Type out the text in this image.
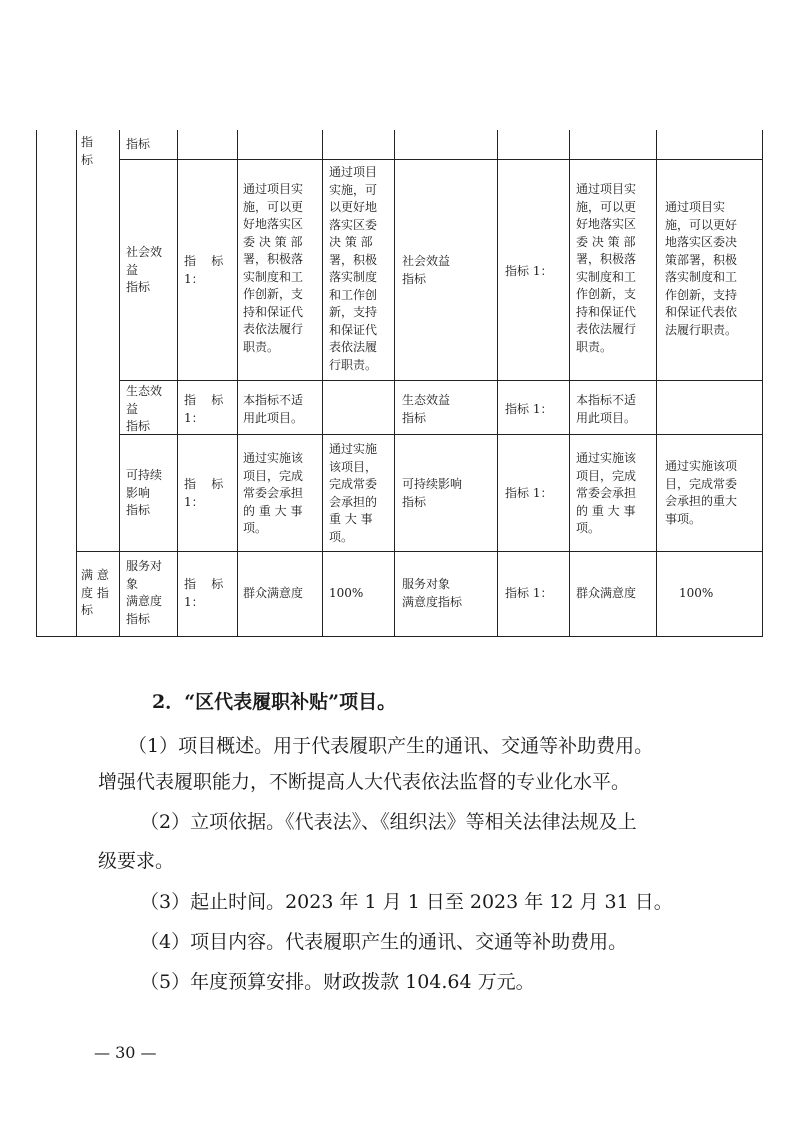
指
标
指标
社会效
益
指标
指    标
1：
通过项目实
施，可以更
好地落实区
委 决 策 部
署，积极落
实制度和工
作创新，支
持和保证代
表依法履行
职责。
通过项目
实施，可
以更好地
落实区委
决 策 部
署，积极
落实制度
和工作创
新，支持
和保证代
表依法履
行职责。
社会效益
指标
指标 1：
通过项目实
施，可以更
好地落实区
委 决 策 部
署，积极落
实制度和工
作创新，支
持和保证代
表依法履行
职责。
通过项目实
施，可以更好
地落实区委决
策部署，积极
落实制度和工
作创新，支持
和保证代表依
法履行职责。
生态效
益
指标
指    标
1：
本指标不适
用此项目。
生态效益
指标
指标 1：
本指标不适
用此项目。
可持续
影响
指标
指    标
1：
通过实施该
项目，完成
常委会承担
的 重 大 事
项。
通过实施
该项目，
完成常委
会承担的
重 大 事
项。
可持续影响
指标
指标 1：
通过实施该
项目，完成
常委会承担
的 重 大 事
项。
通过实施该项
目，完成常委
会承担的重大
事项。
满 意
度 指
标
服务对
象
满意度
指标
指    标
1：
群众满意度 100%
服务对象
满意度指标
指标 1： 群众满意度	100%
2．“区代表履职补贴”项目。
（1）项目概述。用于代表履职产生的通讯、交通等补助费用。
增强代表履职能力，不断提高人大代表依法监督的专业化水平。
（2）立项依据。《代表法》、《组织法》等相关法律法规及上
级要求。
（3）起止时间。2023 年 1 月 1 日至 2023 年 12 月 31 日。
（4）项目内容。代表履职产生的通讯、交通等补助费用。
（5）年度预算安排。财政拨款 104.64 万元。
— 30 —
